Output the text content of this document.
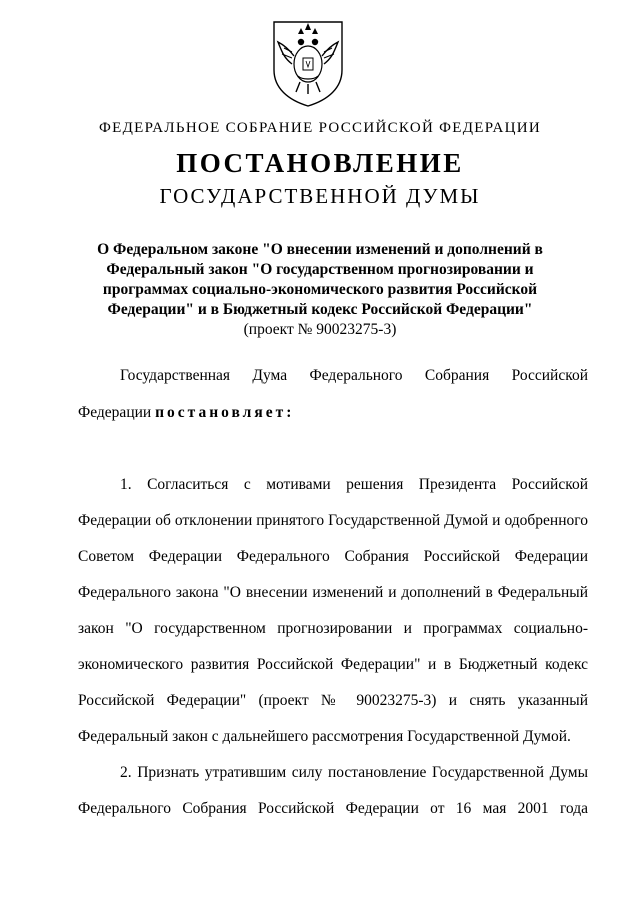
ФЕДЕРАЛЬНОЕ СОБРАНИЕ РОССИЙСКОЙ ФЕДЕРАЦИИ
ПОСТАНОВЛЕНИЕ
ГОСУДАРСТВЕННОЙ ДУМЫ
О Федеральном законе "О внесении изменений и дополнений в
Федеральный закон "О государственном прогнозировании и
программах социально-экономического развития Российской
Федерации" и в Бюджетный кодекс Российской Федерации"
(проект № 90023275-3)
Государственная Дума Федерального Собрания Российской
Федерации постановляет:
1. Согласиться с мотивами решения Президента Российской
Федерации об отклонении принятого Государственной Думой и одобренного
Советом Федерации Федерального Собрания Российской Федерации
Федерального закона "О внесении изменений и дополнений в Федеральный
закон "О государственном прогнозировании и программах социально-
экономического развития Российской Федерации" и в Бюджетный кодекс
Российской Федерации" (проект № 90023275-3) и снять указанный
Федеральный закон с дальнейшего рассмотрения Государственной Думой.
2. Признать утратившим силу постановление Государственной Думы
Федерального Собрания Российской Федерации от 16 мая 2001 года
